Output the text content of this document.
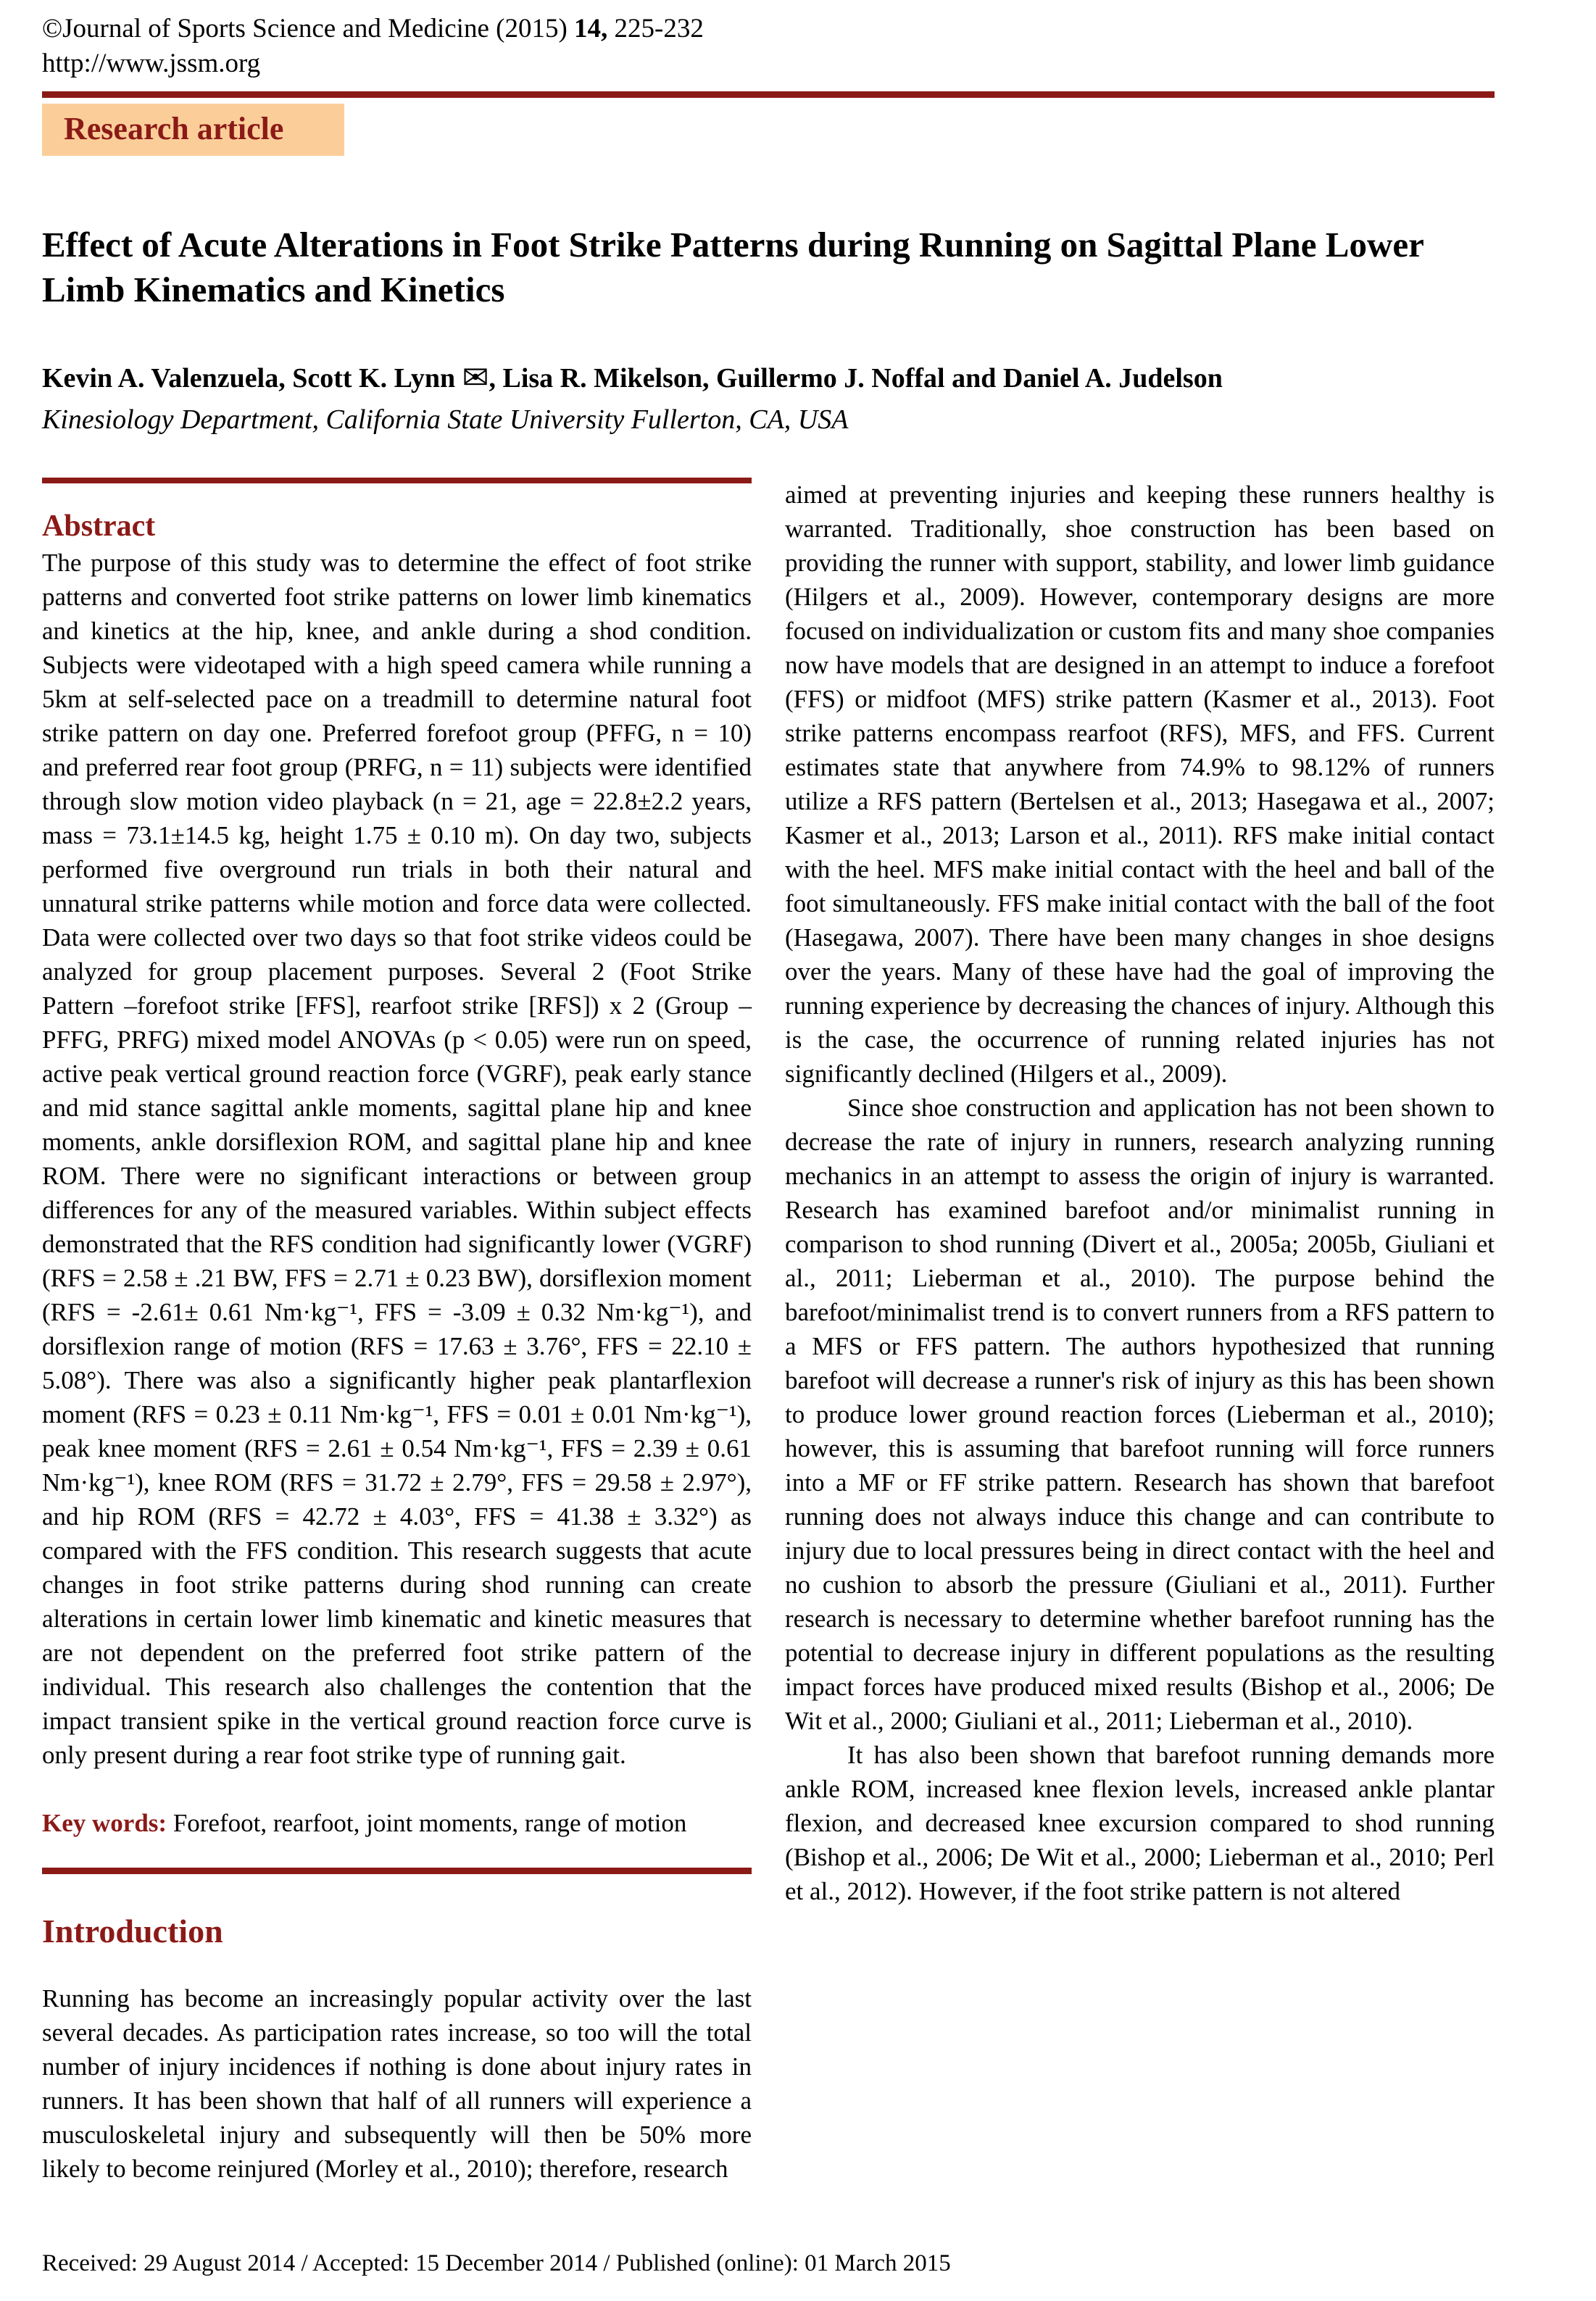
©Journal of Sports Science and Medicine (2015) 14, 225-232
http://www.jssm.org
Research article
Effect of Acute Alterations in Foot Strike Patterns during Running on Sagittal Plane Lower Limb Kinematics and Kinetics
Kevin A. Valenzuela, Scott K. Lynn ✉, Lisa R. Mikelson, Guillermo J. Noffal and Daniel A. Judelson
Kinesiology Department, California State University Fullerton, CA, USA
Abstract

The purpose of this study was to determine the effect of foot strike patterns and converted foot strike patterns on lower limb kinematics and kinetics at the hip, knee, and ankle during a shod condition. Subjects were videotaped with a high speed camera while running a 5km at self-selected pace on a treadmill to determine natural foot strike pattern on day one. Preferred forefoot group (PFFG, n = 10) and preferred rear foot group (PRFG, n = 11) subjects were identified through slow motion video playback (n = 21, age = 22.8±2.2 years, mass = 73.1±14.5 kg, height 1.75 ± 0.10 m). On day two, subjects performed five overground run trials in both their natural and unnatural strike patterns while motion and force data were collected. Data were collected over two days so that foot strike videos could be analyzed for group placement purposes. Several 2 (Foot Strike Pattern –forefoot strike [FFS], rearfoot strike [RFS]) x 2 (Group – PFFG, PRFG) mixed model ANOVAs (p < 0.05) were run on speed, active peak vertical ground reaction force (VGRF), peak early stance and mid stance sagittal ankle moments, sagittal plane hip and knee moments, ankle dorsiflexion ROM, and sagittal plane hip and knee ROM. There were no significant interactions or between group differences for any of the measured variables. Within subject effects demonstrated that the RFS condition had significantly lower (VGRF) (RFS = 2.58 ± .21 BW, FFS = 2.71 ± 0.23 BW), dorsiflexion moment (RFS = -2.61± 0.61 Nm·kg⁻¹, FFS = -3.09 ± 0.32 Nm·kg⁻¹), and dorsiflexion range of motion (RFS = 17.63 ± 3.76°, FFS = 22.10 ± 5.08°). There was also a significantly higher peak plantarflexion moment (RFS = 0.23 ± 0.11 Nm·kg⁻¹, FFS = 0.01 ± 0.01 Nm·kg⁻¹), peak knee moment (RFS = 2.61 ± 0.54 Nm·kg⁻¹, FFS = 2.39 ± 0.61 Nm·kg⁻¹), knee ROM (RFS = 31.72 ± 2.79°, FFS = 29.58 ± 2.97°), and hip ROM (RFS = 42.72 ± 4.03°, FFS = 41.38 ± 3.32°) as compared with the FFS condition. This research suggests that acute changes in foot strike patterns during shod running can create alterations in certain lower limb kinematic and kinetic measures that are not dependent on the preferred foot strike pattern of the individual. This research also challenges the contention that the impact transient spike in the vertical ground reaction force curve is only present during a rear foot strike type of running gait.

Key words: Forefoot, rearfoot, joint moments, range of motion

Introduction

Running has become an increasingly popular activity over the last several decades. As participation rates increase, so too will the total number of injury incidences if nothing is done about injury rates in runners. It has been shown that half of all runners will experience a musculoskeletal injury and subsequently will then be 50% more likely to become reinjured (Morley et al., 2010); therefore, research

aimed at preventing injuries and keeping these runners healthy is warranted. Traditionally, shoe construction has been based on providing the runner with support, stability, and lower limb guidance (Hilgers et al., 2009). However, contemporary designs are more focused on individualization or custom fits and many shoe companies now have models that are designed in an attempt to induce a forefoot (FFS) or midfoot (MFS) strike pattern (Kasmer et al., 2013). Foot strike patterns encompass rearfoot (RFS), MFS, and FFS. Current estimates state that anywhere from 74.9% to 98.12% of runners utilize a RFS pattern (Bertelsen et al., 2013; Hasegawa et al., 2007; Kasmer et al., 2013; Larson et al., 2011). RFS make initial contact with the heel. MFS make initial contact with the heel and ball of the foot simultaneously. FFS make initial contact with the ball of the foot (Hasegawa, 2007). There have been many changes in shoe designs over the years. Many of these have had the goal of improving the running experience by decreasing the chances of injury. Although this is the case, the occurrence of running related injuries has not significantly declined (Hilgers et al., 2009).

Since shoe construction and application has not been shown to decrease the rate of injury in runners, research analyzing running mechanics in an attempt to assess the origin of injury is warranted. Research has examined barefoot and/or minimalist running in comparison to shod running (Divert et al., 2005a; 2005b, Giuliani et al., 2011; Lieberman et al., 2010). The purpose behind the barefoot/minimalist trend is to convert runners from a RFS pattern to a MFS or FFS pattern. The authors hypothesized that running barefoot will decrease a runner's risk of injury as this has been shown to produce lower ground reaction forces (Lieberman et al., 2010); however, this is assuming that barefoot running will force runners into a MF or FF strike pattern. Research has shown that barefoot running does not always induce this change and can contribute to injury due to local pressures being in direct contact with the heel and no cushion to absorb the pressure (Giuliani et al., 2011). Further research is necessary to determine whether barefoot running has the potential to decrease injury in different populations as the resulting impact forces have produced mixed results (Bishop et al., 2006; De Wit et al., 2000; Giuliani et al., 2011; Lieberman et al., 2010).

It has also been shown that barefoot running demands more ankle ROM, increased knee flexion levels, increased ankle plantar flexion, and decreased knee excursion compared to shod running (Bishop et al., 2006; De Wit et al., 2000; Lieberman et al., 2010; Perl et al., 2012). However, if the foot strike pattern is not altered

Received: 29 August 2014 / Accepted: 15 December 2014 / Published (online): 01 March 2015
